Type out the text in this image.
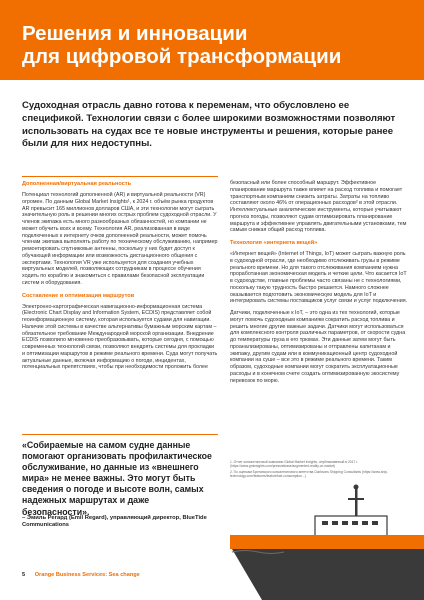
Решения и инновации
для цифровой трансформации

Судоходная отрасль давно готова к переменам, что обусловлено ее спецификой. Технологии связи с более широкими возможностями позволяют использовать на судах все те новые инструменты и решения, которые ранее были для них недоступны.

Дополненная/виртуальная реальность

Потенциал технологий дополненной (AR) и виртуальной реальности (VR) огромен. По данным Global Market Insights¹, к 2024 г. объём рынка продуктов AR превысит 165 миллионов долларов США, и эти технологии могут сыграть значительную роль в решении многих острых проблем судоходной отрасли. У членов экипажа есть много разнообразных обязанностей, но компании не может обучить всех и всему. Технология AR, реализованная в виде подключенных к интернету очков дополненной реальности, может помочь членам экипажа выполнять работу по техническому обслуживанию, например ремонтировать спутниковые антенны, поскольку у них будет доступ к обучающей информации или возможность дистанционного общения с экспертами. Технология VR уже используется для создания учебных виртуальных моделей, позволяющих сотрудникам в процессе обучения ходить по кораблю и знакомиться с правилами безопасной эксплуатации систем и оборудования.

Составление и оптимизация маршрутов

Электронно-картографическая навигационно-информационная система (Electronic Chart Display and Information System, ECDIS) представляет собой геоинформационную систему, которая используется судами для навигации. Наличие этой системы в качестве альтернативы бумажным морским картам – обязательное требование Международной морской организации. Внедрение ECDIS позволило мгновенно преобразовывать, которые сегодня, с помощью современных технологий связи, позволяют внедрять системы для прокладки и оптимизации маршрутов в режиме реального времени. Суда могут получать актуальные данные, включая информацию о погоде, инцидентах, потенциальных препятствиях, чтобы при необходимости проложить более

безопасный или более способный маршрут. Эффективное планирование маршрута также влияет на расход топлива и помогает транспортным компаниям снизить затраты. Затраты на топливо составляют около 46% от операционных расходов² в этой отрасли. Интеллектуальные аналитические инструменты, которые учитывают прогноз погоды, позволяют судам оптимизировать планирование маршрута и эффективнее управлять двигательными установками, тем самым снижая общий расход топлива.

Технология «интернета вещей»

«Интернет вещей» (Internet of Things, IoT) может сыграть важную роль в судоходной отрасли, где необходимо отслеживать грузы в режиме реального времени. Но для такого отслеживания компаниям нужна проработанная экономическая модель и четкие цели. Что касается IoT в судоходстве, главные проблемы часто связаны не с технологиями, поскольку такую трудность быстро решается. Намного сложнее оказывается подготовить экономическую модель для IoT и интегрировать системы поставщиков услуг связи и услуг подключения.

Датчики, подключенные к IoT, – это одна из тех технологий, которые могут помочь судоходным компаниям сократить расход топлива и решить многие другие важные задачи. Датчики могут использоваться для комплексного контроля различных параметров, от скорости судна до температуры груза в его трюмах. Эти данные затем могут быть проанализированы, оптимизированы и отправлены капитанам и экипажу, другим судам или в коммуникационный центр судоходной компании на суше – все это в режиме реального времени. Таким образом, судоходные компании могут сократить эксплуатационные расходы и в конечном счете создать оптимизированную экосистему перевозок по морю.

«Собираемые на самом судне данные помогают организовать профилактическое обслуживание, но данные из «внешнего мира» не менее важны. Это могут быть сведения о погоде и высоте волн, самых надежных маршрутах и даже безопасности».

– Эмиль Регард (Emil Regard), управляющий директор, BlueTide Communications

1. Отчет консалтинговой компании Global Market Insights, опубликованный в 2017 г. (https://www.gminsights.com/pressrelease/augmented-reality-ar-market)

2. По оценкам Британского консалтингового агентства Clarksons Shipping Consultants (https://www.ship-technology.com/features/featurefuel-consumption...)

5 Orange Business Services: Sea change
